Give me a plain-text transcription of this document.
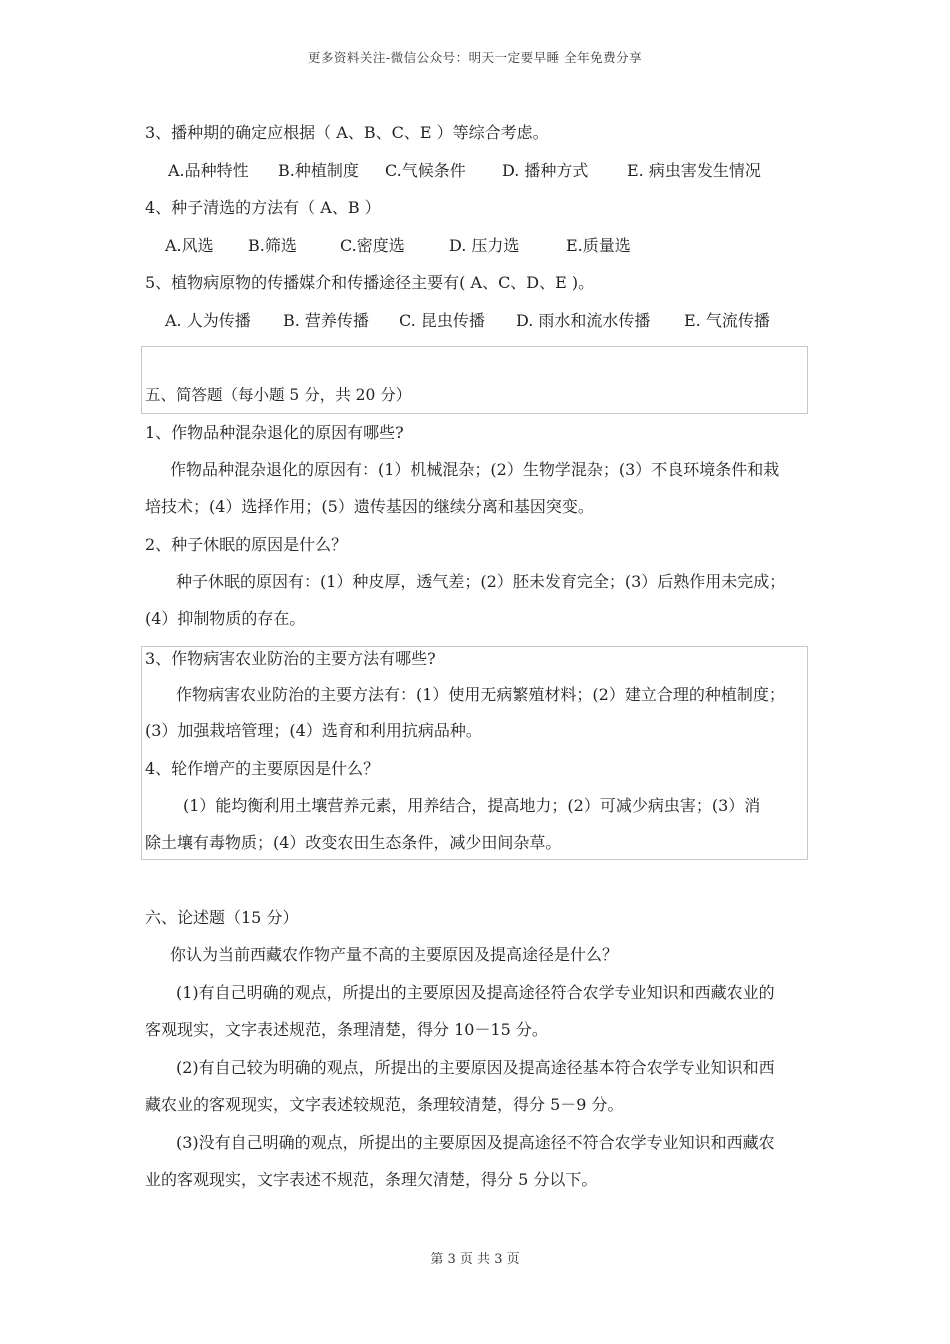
更多资料关注-微信公众号：明天一定要早睡 全年免费分享
3、播种期的确定应根据（ A、B、C、E ）等综合考虑。
A.品种特性 B.种植制度 C.气候条件 D. 播种方式 E. 病虫害发生情况
4、种子清选的方法有（ A、B ）
A.风选 B.筛选	C.密度选	D. 压力选	E.质量选
5、植物病原物的传播媒介和传播途径主要有( A、C、D、E )。
A. 人为传播 B. 营养传播 C. 昆虫传播 D. 雨水和流水传播 E. 气流传播
五、简答题（每小题 5 分，共 20 分）
1、作物品种混杂退化的原因有哪些?
作物品种混杂退化的原因有：(1）机械混杂；(2）生物学混杂；(3）不良环境条件和栽
培技术；(4）选择作用；(5）遗传基因的继续分离和基因突变。
2、种子休眠的原因是什么？
种子休眠的原因有：(1）种皮厚，透气差；(2）胚未发育完全；(3）后熟作用未完成；
(4）抑制物质的存在。
3、作物病害农业防治的主要方法有哪些?
作物病害农业防治的主要方法有：(1）使用无病繁殖材料；(2）建立合理的种植制度；
(3）加强栽培管理；(4）选育和利用抗病品种。
4、轮作增产的主要原因是什么？
(1）能均衡利用土壤营养元素，用养结合，提高地力；(2）可减少病虫害；(3）消
除土壤有毒物质；(4）改变农田生态条件，减少田间杂草。
六、论述题（15 分）
你认为当前西藏农作物产量不高的主要原因及提高途径是什么？
(1)有自己明确的观点，所提出的主要原因及提高途径符合农学专业知识和西藏农业的
客观现实，文字表述规范，条理清楚，得分 10－15 分。
(2)有自己较为明确的观点，所提出的主要原因及提高途径基本符合农学专业知识和西
藏农业的客观现实，文字表述较规范，条理较清楚，得分 5－9 分。
(3)没有自己明确的观点，所提出的主要原因及提高途径不符合农学专业知识和西藏农
业的客观现实，文字表述不规范，条理欠清楚，得分 5 分以下。
第 3 页 共 3 页
